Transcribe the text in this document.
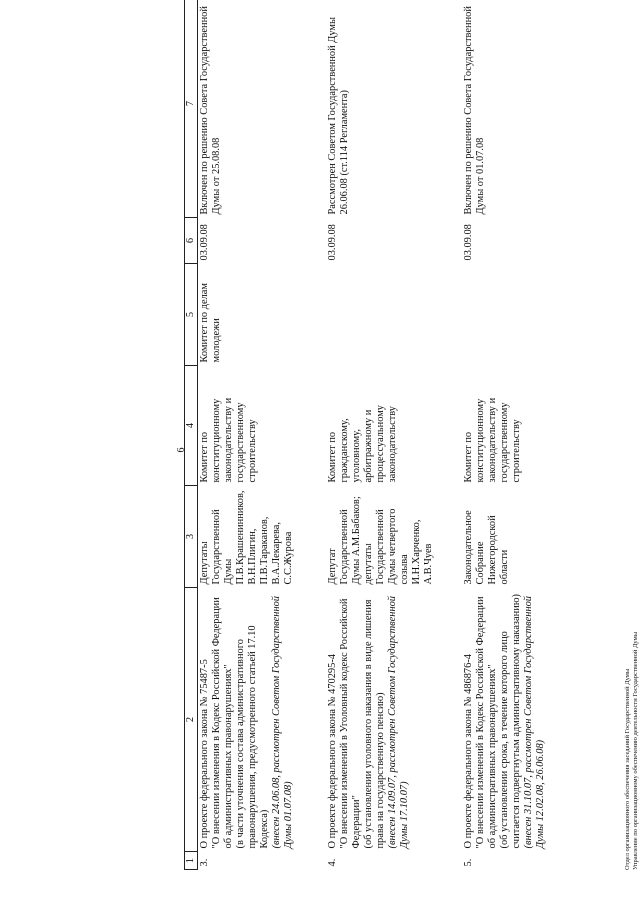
6
1	2	3	4	5	6	7
3.	О проекте федерального закона № 75487-5 "О внесении изменения в Кодекс Российской Федерации об административных правонарушениях" (в части уточнения состава административного правонарушения, предусмотренного статьей 17.10 Кодекса) (внесен 24.06.08, рассмотрен Советом Государственной Думы 01.07.08)	Депутаты Государственной Думы П.В.Крашенинников, В.Н.Плигин, П.В.Тараканов, В.А.Лекарева, С.С.Журова	Комитет по конституционному законодательству и государственному строительству	Комитет по делам молодежи	03.09.08	Включен по решению Совета Государственной Думы от 25.08.08
4.	О проекте федерального закона № 470295-4 "О внесении изменений в Уголовный кодекс Российской Федерации" (об установлении уголовного наказания в виде лишения права на государственную пенсию) (внесен 14.09.07, рассмотрен Советом Государственной Думы 17.10.07)	Депутат Государственной Думы А.М.Бабаков; депутаты Государственной Думы четвертого созыва И.Н.Харченко, А.В.Чуев	Комитет по гражданскому, уголовному, арбитражному и процессуальному законодательству		03.09.08	Рассмотрен Советом Государственной Думы 26.06.08 (ст.114 Регламента)
5.	О проекте федерального закона № 486876-4 "О внесении изменений в Кодекс Российской Федерации об административных правонарушениях" (об установлении срока, в течение которого лицо считается подвергнутым административному наказанию) (внесен 31.10.07, рассмотрен Советом Государственной Думы 12.02.08, 26.06.08)	Законодательное Собрание Нижегородской области	Комитет по конституционному законодательству и государственному строительству		03.09.08	Включен по решению Совета Государственной Думы от 01.07.08
Отдел организационного обеспечения заседаний Государственной Думы Управление по организационному обеспечению деятельности Государственной Думы
